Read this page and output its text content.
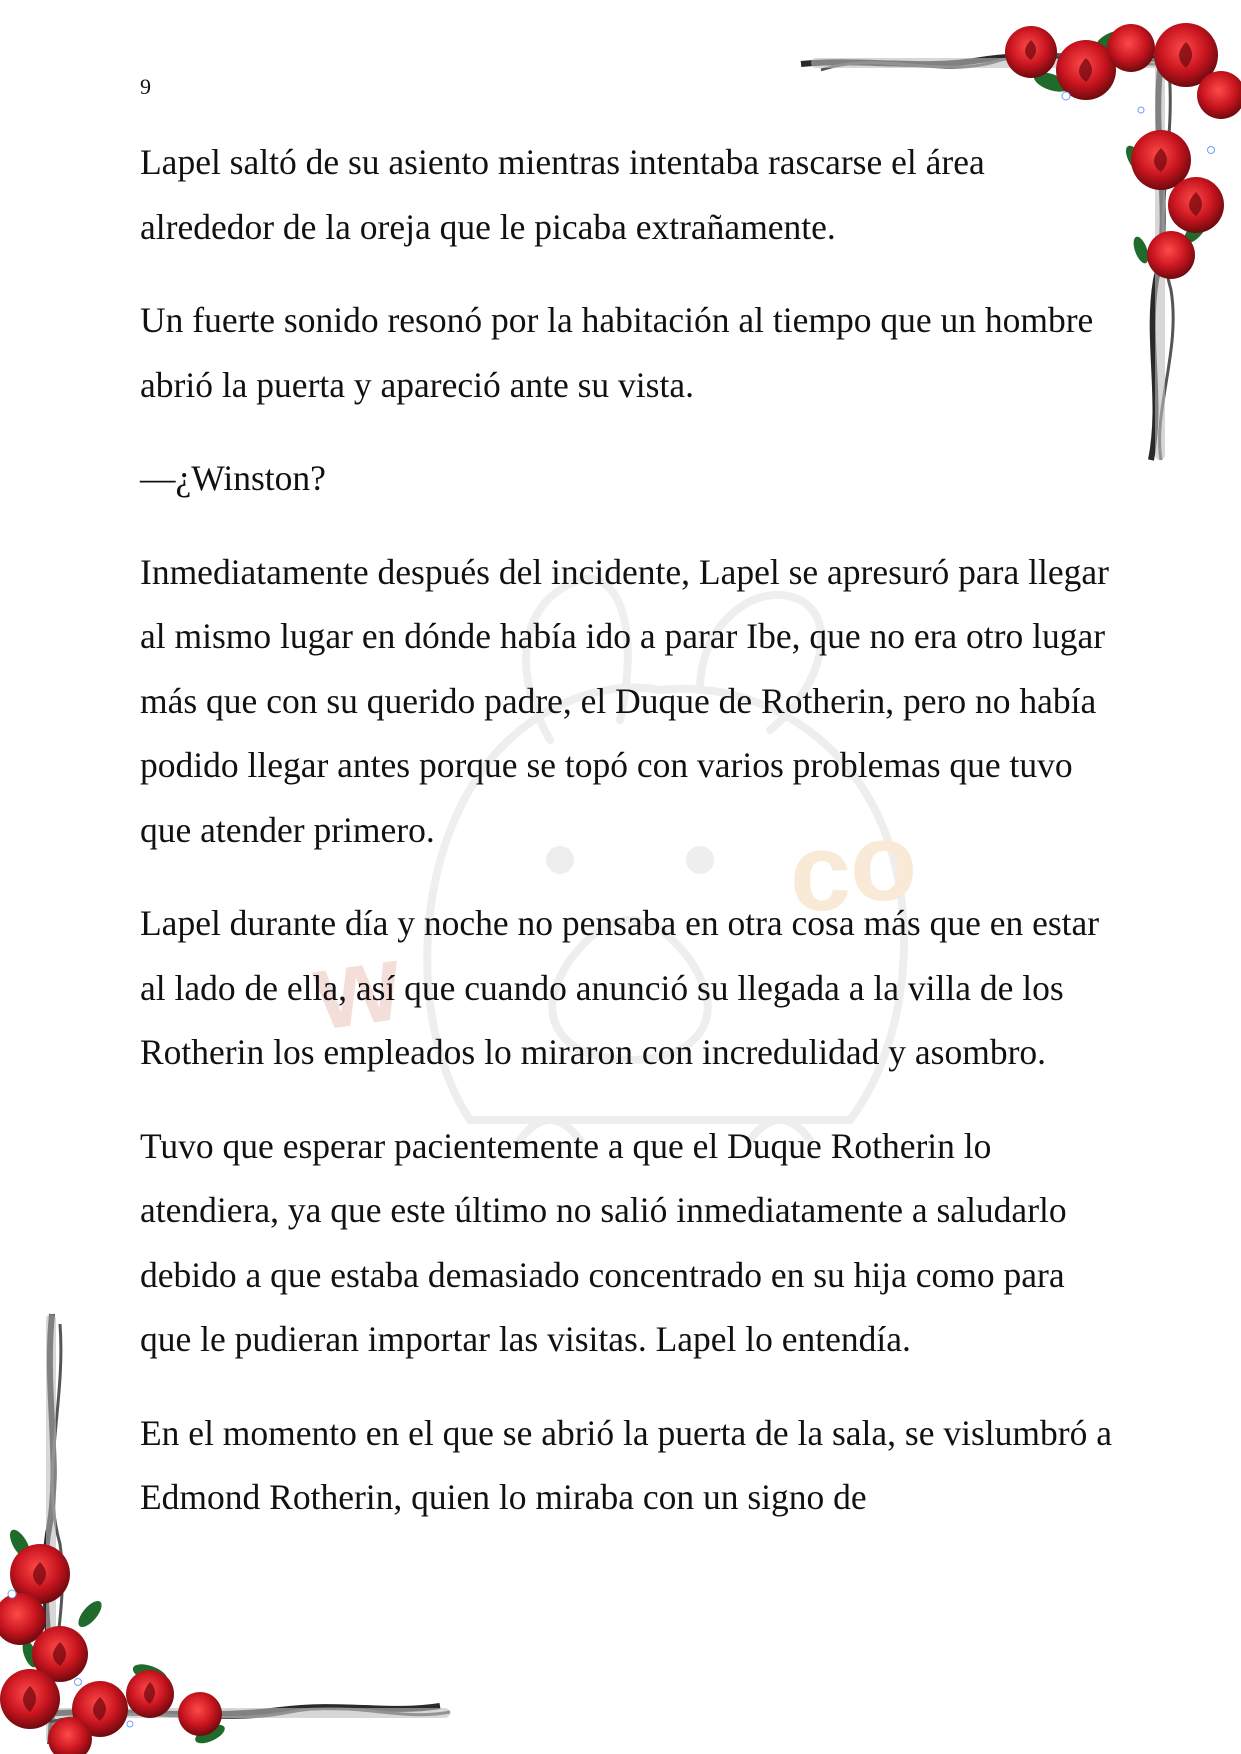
w
c
o
9

Lapel saltó de su asiento mientras intentaba rascarse el área alrededor de la oreja que le picaba extrañamente.

Un fuerte sonido resonó por la habitación al tiempo que un hombre abrió la puerta y apareció ante su vista.

—¿Winston?

Inmediatamente después del incidente, Lapel se apresuró para llegar al mismo lugar en dónde había ido a parar Ibe, que no era otro lugar más que con su querido padre, el Duque de Rotherin, pero no había podido llegar antes porque se topó con varios problemas que tuvo que atender primero.

Lapel durante día y noche no pensaba en otra cosa más que en estar al lado de ella, así que cuando anunció su llegada a la villa de los Rotherin los empleados lo miraron con incredulidad y asombro.

Tuvo que esperar pacientemente a que el Duque Rotherin lo atendiera, ya que este último no salió inmediatamente a saludarlo debido a que estaba demasiado concentrado en su hija como para que le pudieran importar las visitas. Lapel lo entendía.

En el momento en el que se abrió la puerta de la sala, se vislumbró a Edmond Rotherin, quien lo miraba con un signo de
